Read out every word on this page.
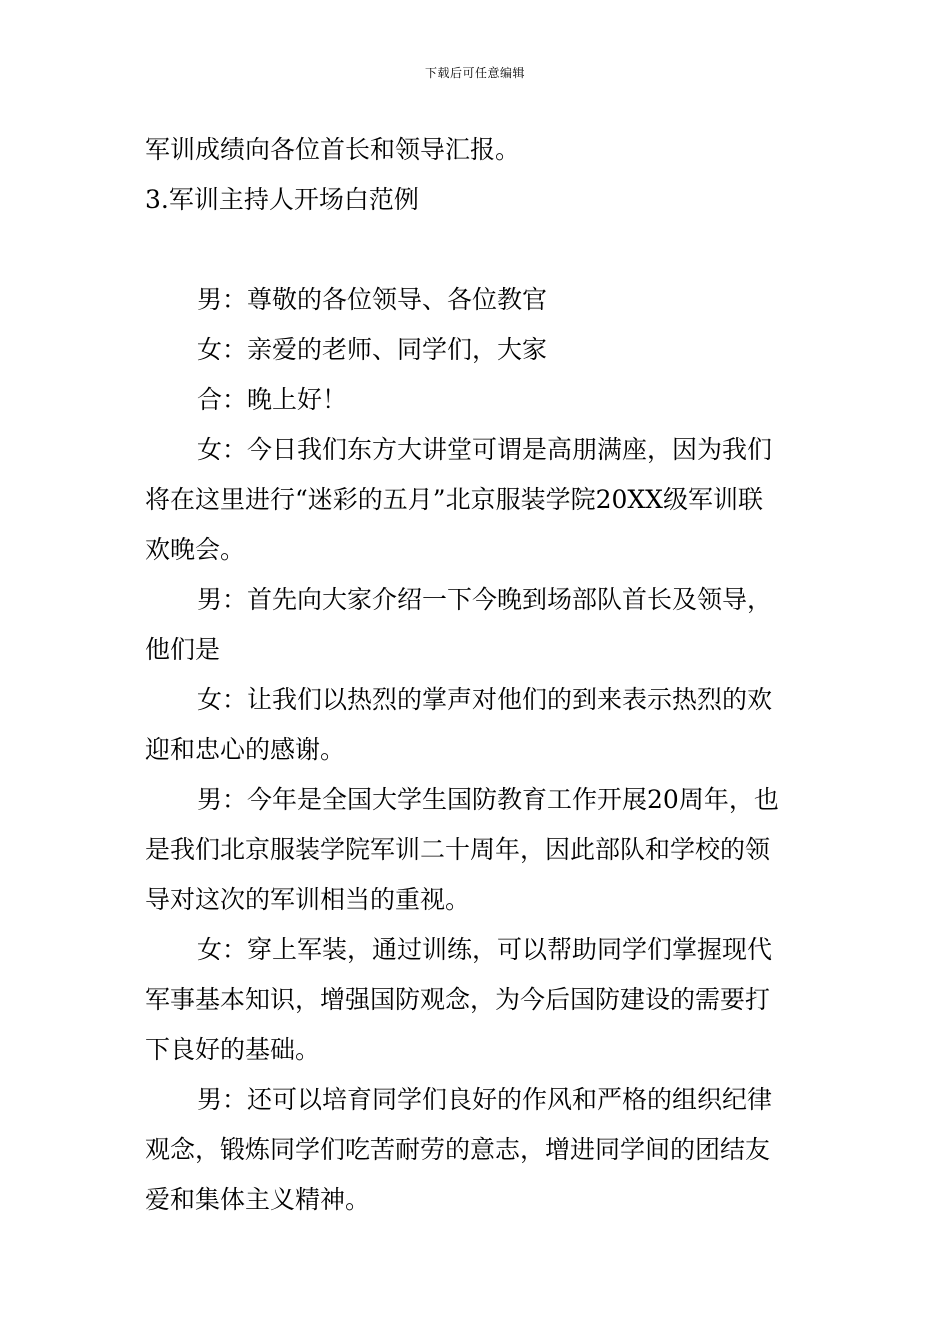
下载后可任意编辑

军训成绩向各位首长和领导汇报。

3.军训主持人开场白范例

男：尊敬的各位领导、各位教官

女：亲爱的老师、同学们，大家

合：晚上好！

女：今日我们东方大讲堂可谓是高朋满座，因为我们

将在这里进行“迷彩的五月”北京服装学院20XX级军训联

欢晚会。

男：首先向大家介绍一下今晚到场部队首长及领导，

他们是

女：让我们以热烈的掌声对他们的到来表示热烈的欢

迎和忠心的感谢。

男：今年是全国大学生国防教育工作开展20周年，也

是我们北京服装学院军训二十周年，因此部队和学校的领

导对这次的军训相当的重视。

女：穿上军装，通过训练，可以帮助同学们掌握现代

军事基本知识，增强国防观念，为今后国防建设的需要打

下良好的基础。

男：还可以培育同学们良好的作风和严格的组织纪律

观念，锻炼同学们吃苦耐劳的意志，增进同学间的团结友

爱和集体主义精神。
